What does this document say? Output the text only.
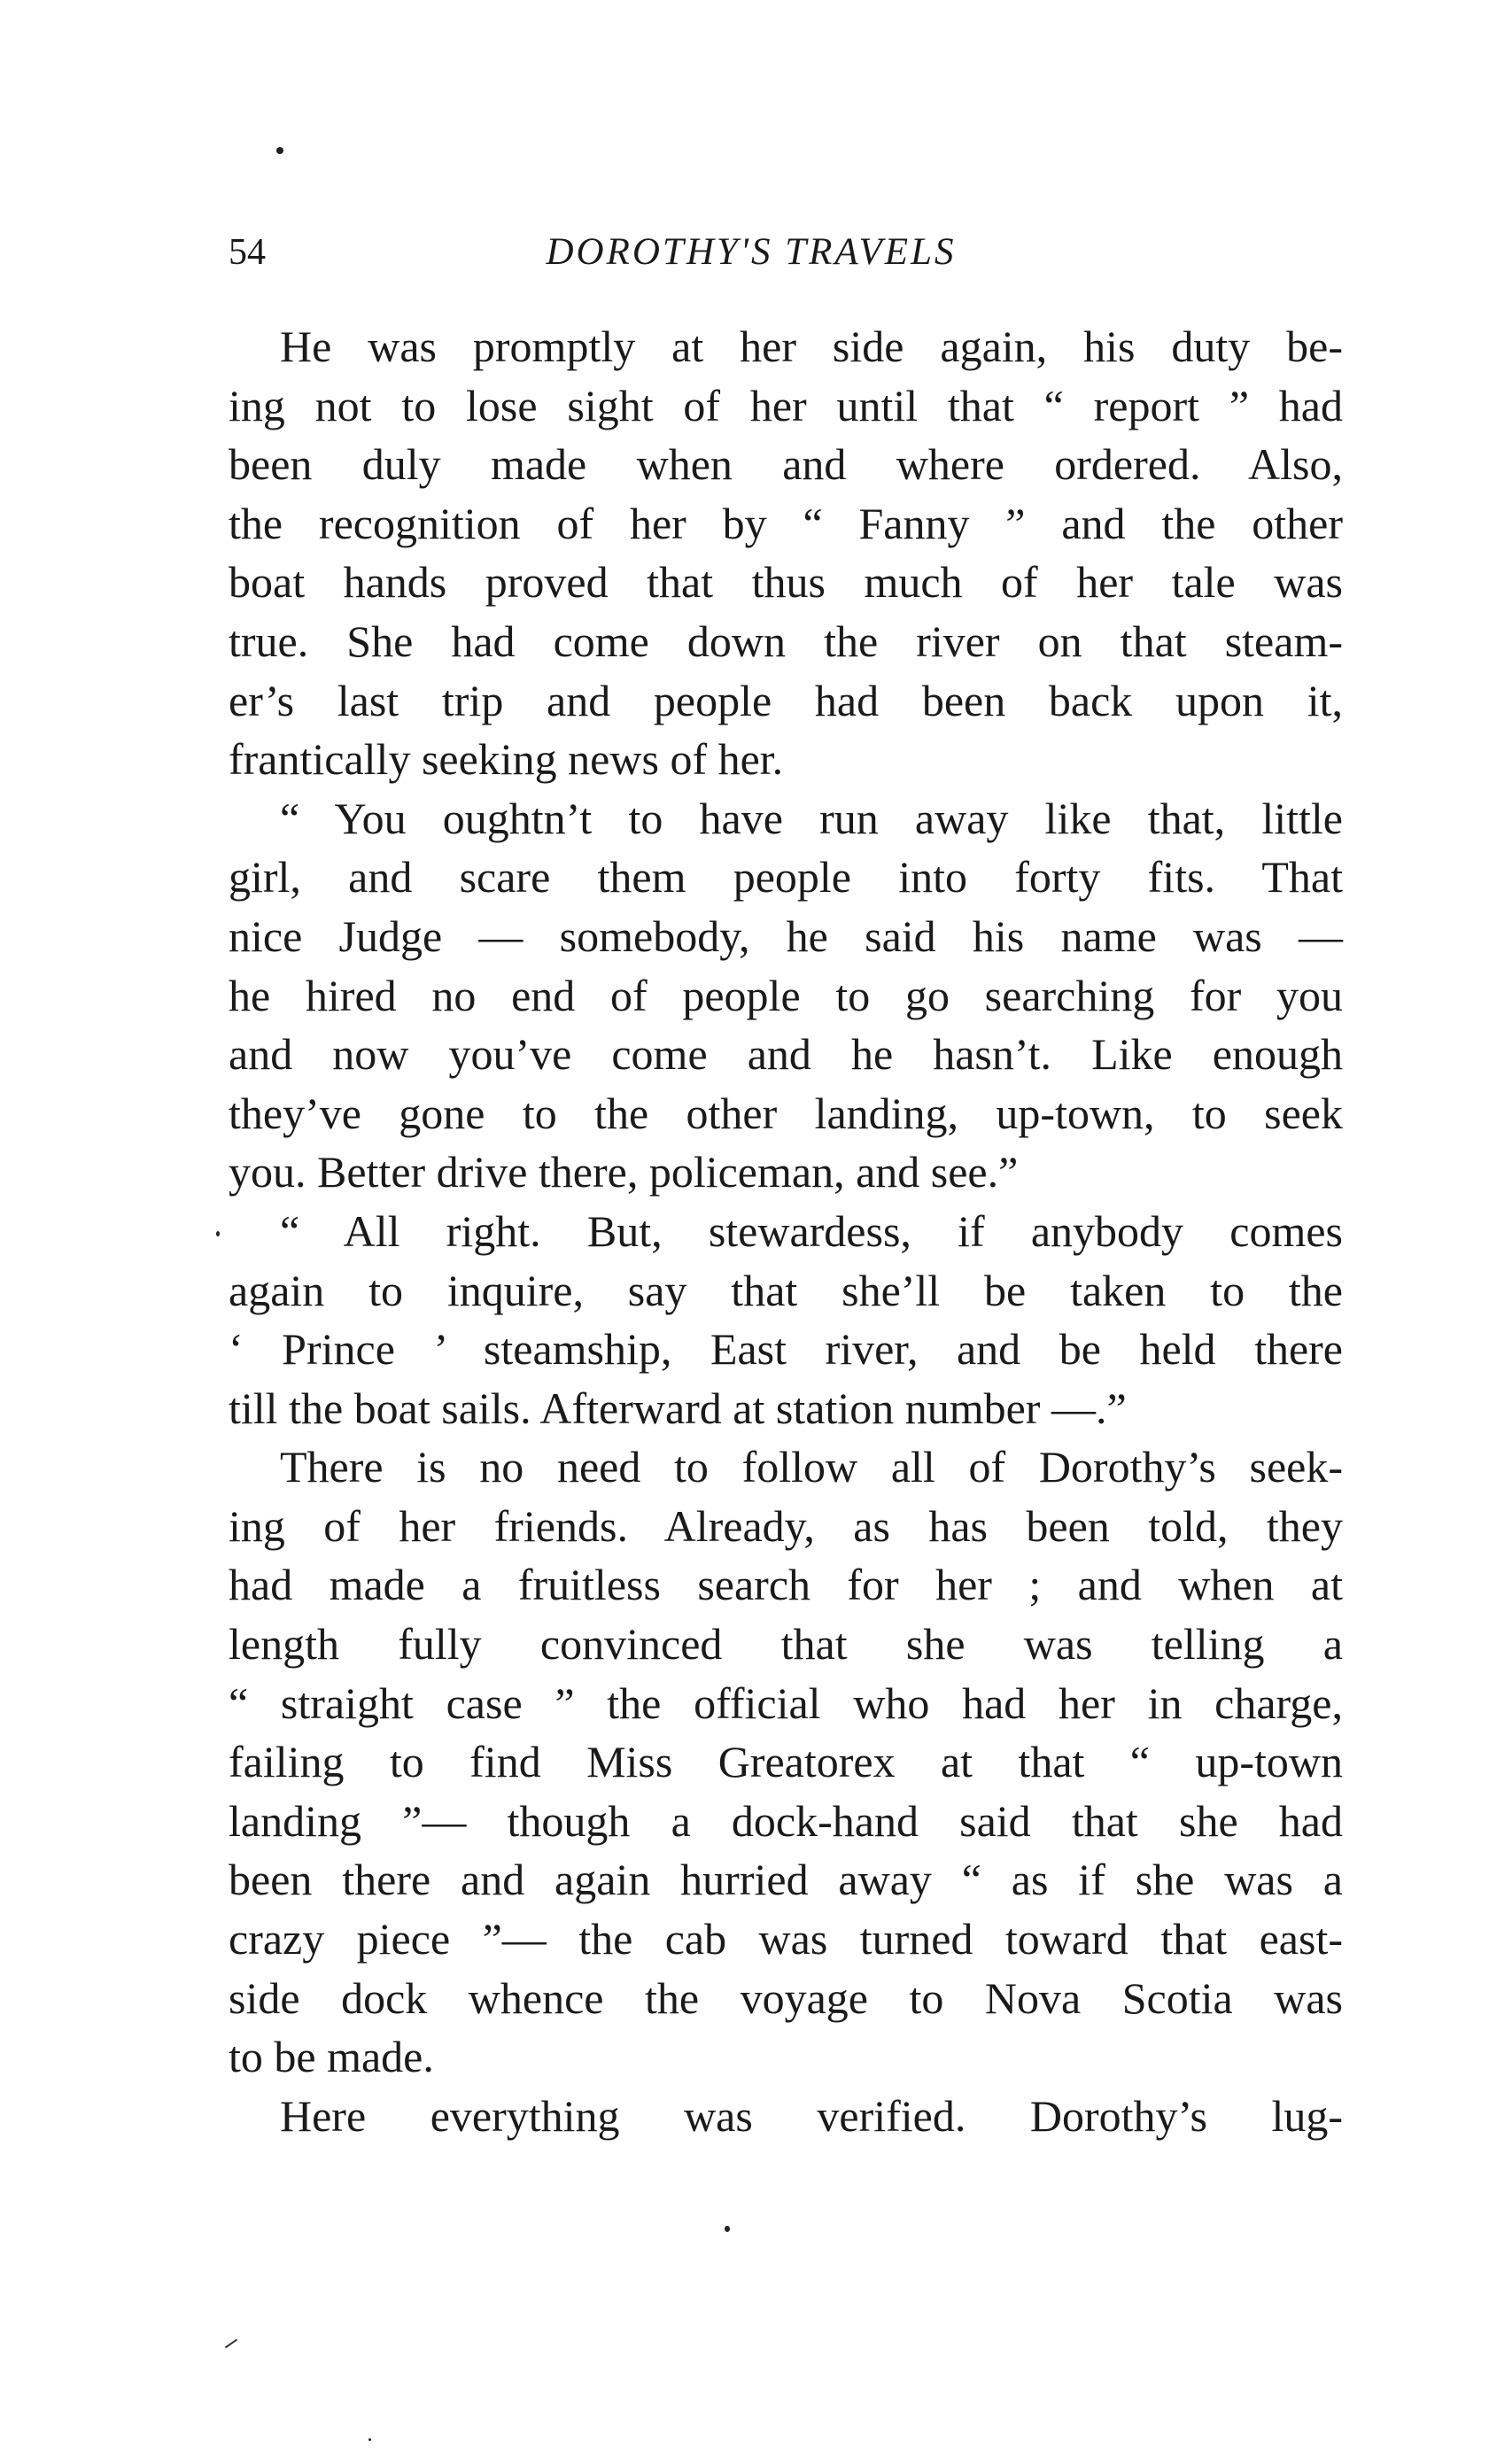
54	DOROTHY'S TRAVELS
He was promptly at her side again, his duty be-
ing not to lose sight of her until that “ report ” had
been duly made when and where ordered. Also,
the recognition of her by “ Fanny ” and the other
boat hands proved that thus much of her tale was
true. She had come down the river on that steam-
er’s last trip and people had been back upon it,
frantically seeking news of her.
“ You oughtn’t to have run away like that, little
girl, and scare them people into forty fits. That
nice Judge — somebody, he said his name was —
he hired no end of people to go searching for you
and now you’ve come and he hasn’t. Like enough
they’ve gone to the other landing, up-town, to seek
you. Better drive there, policeman, and see.”
“ All right. But, stewardess, if anybody comes
again to inquire, say that she’ll be taken to the
‘ Prince ’ steamship, East river, and be held there
till the boat sails. Afterward at station number —.”
There is no need to follow all of Dorothy’s seek-
ing of her friends. Already, as has been told, they
had made a fruitless search for her ; and when at
length fully convinced that she was telling a
“ straight case ” the official who had her in charge,
failing to find Miss Greatorex at that “ up-town
landing ”— though a dock-hand said that she had
been there and again hurried away “ as if she was a
crazy piece ”— the cab was turned toward that east-
side dock whence the voyage to Nova Scotia was
to be made.
Here everything was verified. Dorothy’s lug-
